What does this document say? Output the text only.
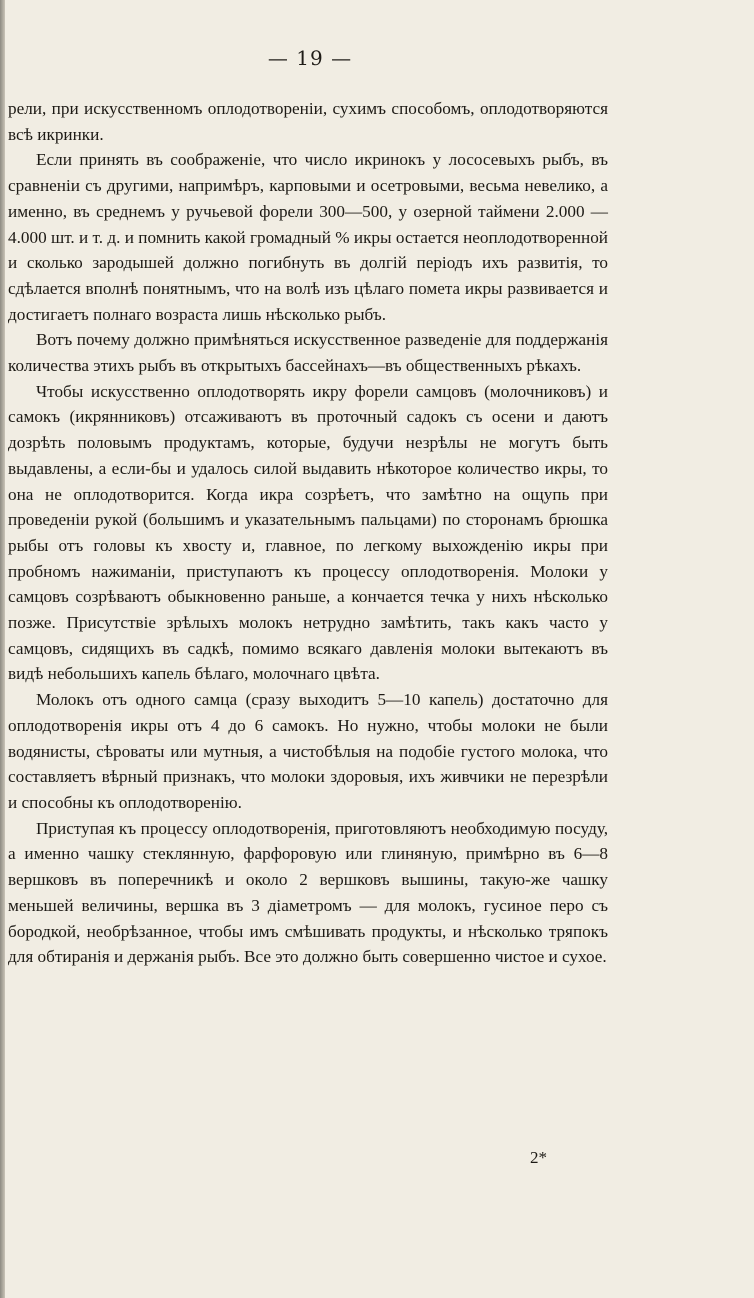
— 19 —

рели, при искусственномъ оплодотвореніи, сухимъ способомъ, оплодотворяются всѣ икринки.

Если принять въ соображеніе, что число икринокъ у лососевыхъ рыбъ, въ сравненіи съ другими, напримѣръ, карповыми и осетровыми, весьма невелико, а именно, въ среднемъ у ручьевой форели 300—500, у озерной таймени 2.000 — 4.000 шт. и т. д. и помнить какой громадный % икры остается неоплодотворенной и сколько зародышей должно погибнуть въ долгій періодъ ихъ развитія, то сдѣлается вполнѣ понятнымъ, что на волѣ изъ цѣлаго помета икры развивается и достигаетъ полнаго возраста лишь нѣсколько рыбъ.

Вотъ почему должно примѣняться искусственное разведеніе для поддержанія количества этихъ рыбъ въ открытыхъ бассейнахъ—въ общественныхъ рѣкахъ.

Чтобы искусственно оплодотворять икру форели самцовъ (молочниковъ) и самокъ (икрянниковъ) отсаживаютъ въ проточный садокъ съ осени и даютъ дозрѣть половымъ продуктамъ, которые, будучи незрѣлы не могутъ быть выдавлены, а если-бы и удалось силой выдавить нѣкоторое количество икры, то она не оплодотворится. Когда икра созрѣетъ, что замѣтно на ощупь при проведеніи рукой (большимъ и указательнымъ пальцами) по сторонамъ брюшка рыбы отъ головы къ хвосту и, главное, по легкому выхожденію икры при пробномъ нажиманіи, приступаютъ къ процессу оплодотворенія. Молоки у самцовъ созрѣваютъ обыкновенно раньше, а кончается течка у нихъ нѣсколько позже. Присутствіе зрѣлыхъ молокъ нетрудно замѣтить, такъ какъ часто у самцовъ, сидящихъ въ садкѣ, помимо всякаго давленія молоки вытекаютъ въ видѣ небольшихъ капель бѣлаго, молочнаго цвѣта.

Молокъ отъ одного самца (сразу выходитъ 5—10 капель) достаточно для оплодотворенія икры отъ 4 до 6 самокъ. Но нужно, чтобы молоки не были водянисты, сѣроваты или мутныя, а чистобѣлыя на подобіе густого молока, что составляетъ вѣрный признакъ, что молоки здоровыя, ихъ живчики не перезрѣли и способны къ оплодотворенію.

Приступая къ процессу оплодотворенія, приготовляютъ необходимую посуду, а именно чашку стеклянную, фарфоровую или глиняную, примѣрно въ 6—8 вершковъ въ поперечникѣ и около 2 вершковъ вышины, такую-же чашку меньшей величины, вершка въ 3 діаметромъ — для молокъ, гусиное перо съ бородкой, необрѣзанное, чтобы имъ смѣшивать продукты, и нѣсколько тряпокъ для обтиранія и держанія рыбъ. Все это должно быть совершенно чистое и сухое.

2*
